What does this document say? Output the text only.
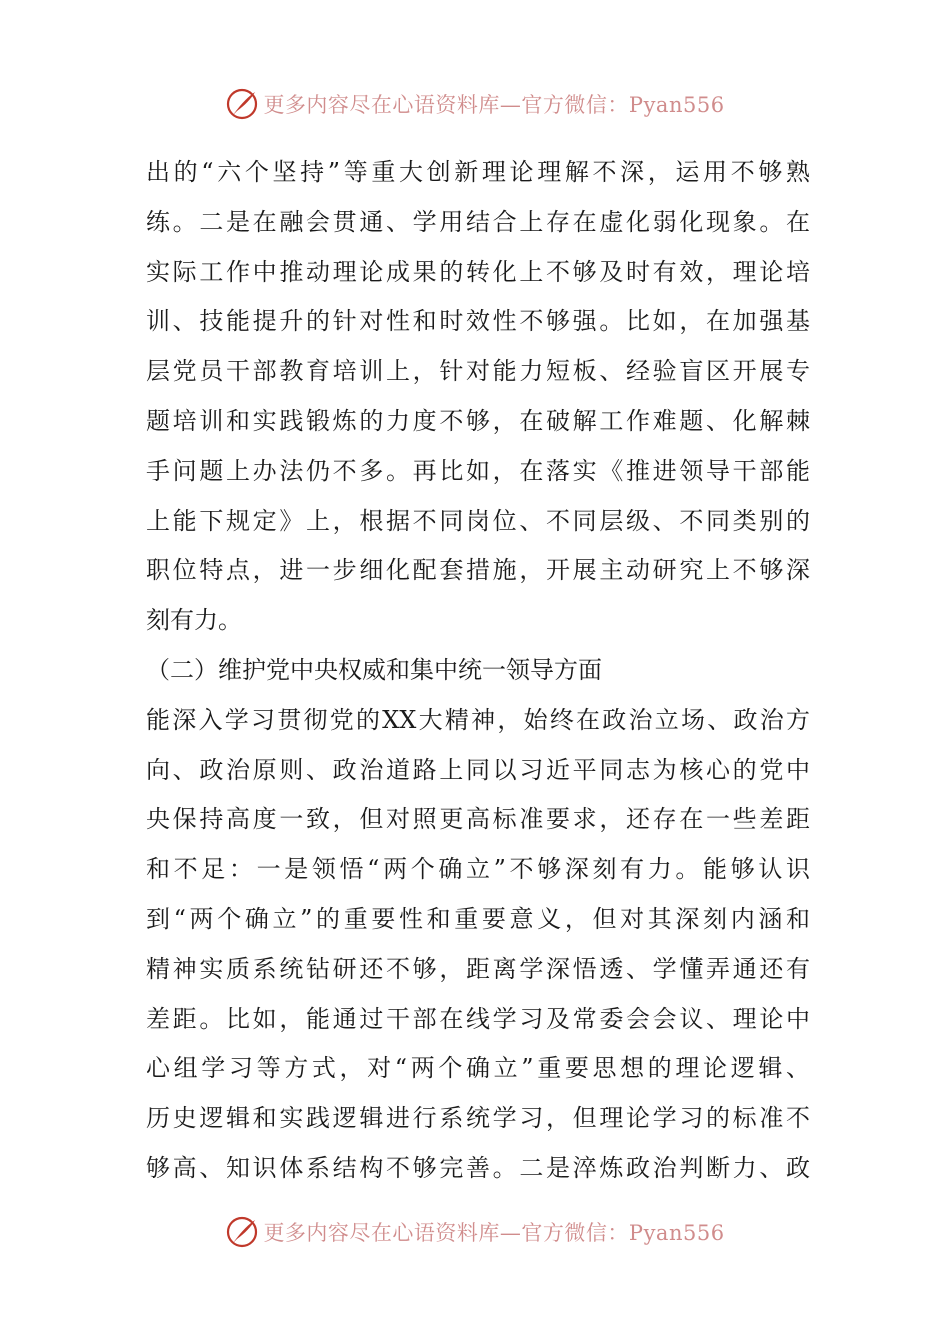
更多内容尽在心语资料库—官方微信：Pyan556
出的“六个坚持”等重大创新理论理解不深，运用不够熟
练。二是在融会贯通、学用结合上存在虚化弱化现象。在
实际工作中推动理论成果的转化上不够及时有效，理论培
训、技能提升的针对性和时效性不够强。比如，在加强基
层党员干部教育培训上，针对能力短板、经验盲区开展专
题培训和实践锻炼的力度不够，在破解工作难题、化解棘
手问题上办法仍不多。再比如，在落实《推进领导干部能
上能下规定》上，根据不同岗位、不同层级、不同类别的
职位特点，进一步细化配套措施，开展主动研究上不够深
刻有力。
（二）维护党中央权威和集中统一领导方面
能深入学习贯彻党的XX大精神，始终在政治立场、政治方
向、政治原则、政治道路上同以习近平同志为核心的党中
央保持高度一致，但对照更高标准要求，还存在一些差距
和不足：一是领悟“两个确立”不够深刻有力。能够认识
到“两个确立”的重要性和重要意义，但对其深刻内涵和
精神实质系统钻研还不够，距离学深悟透、学懂弄通还有
差距。比如，能通过干部在线学习及常委会会议、理论中
心组学习等方式，对“两个确立”重要思想的理论逻辑、
历史逻辑和实践逻辑进行系统学习，但理论学习的标准不
够高、知识体系结构不够完善。二是淬炼政治判断力、政
更多内容尽在心语资料库—官方微信：Pyan556
